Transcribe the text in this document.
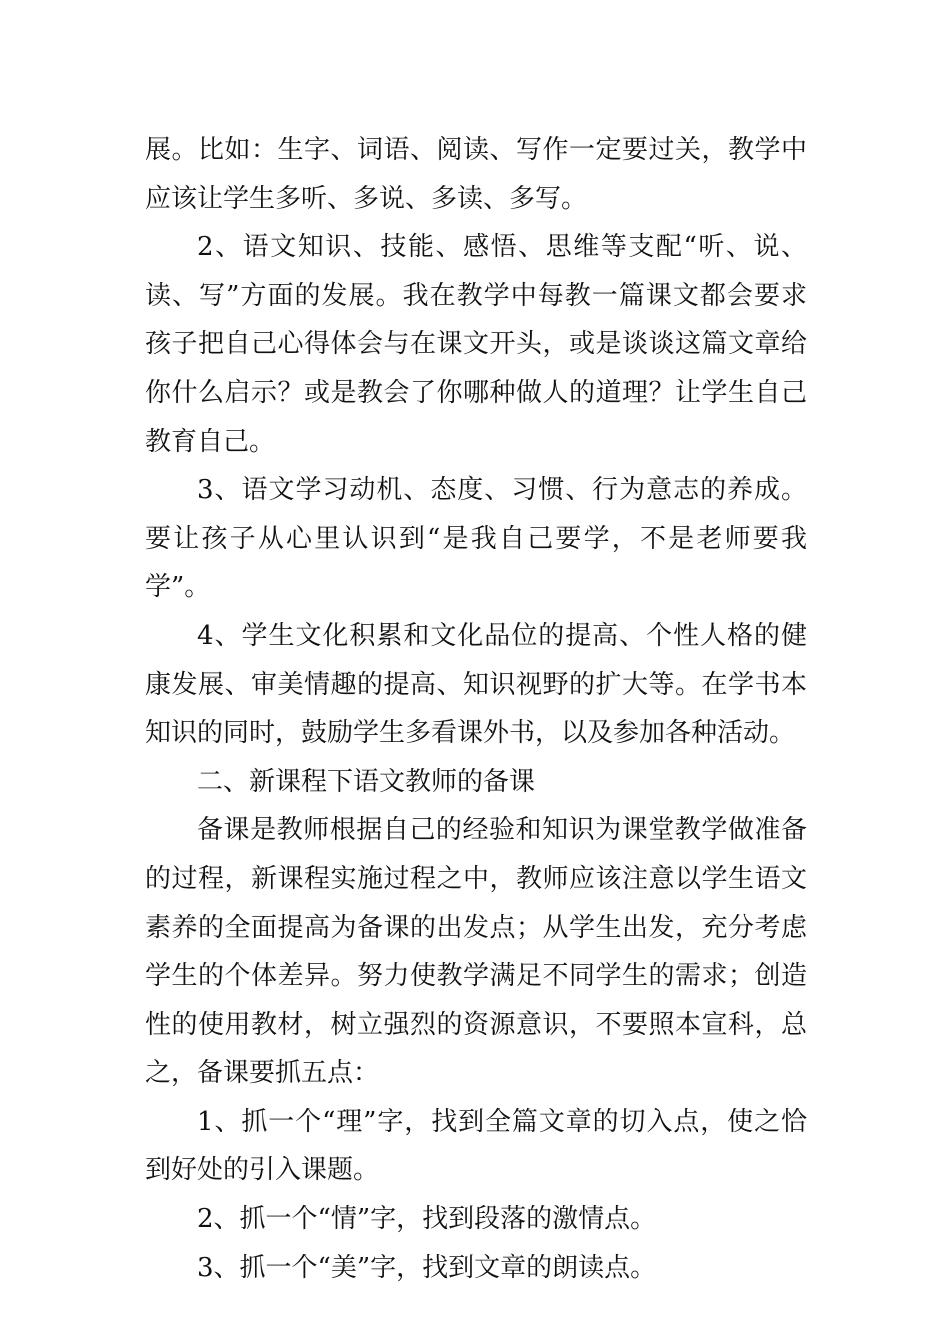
展。比如：生字、词语、阅读、写作一定要过关，教学中应该让学生多听、多说、多读、多写。

2、语文知识、技能、感悟、思维等支配“听、说、读、写”方面的发展。我在教学中每教一篇课文都会要求孩子把自己心得体会与在课文开头，或是谈谈这篇文章给你什么启示？或是教会了你哪种做人的道理？让学生自己教育自己。

3、语文学习动机、态度、习惯、行为意志的养成。要让孩子从心里认识到“是我自己要学，不是老师要我学”。

4、学生文化积累和文化品位的提高、个性人格的健康发展、审美情趣的提高、知识视野的扩大等。在学书本知识的同时，鼓励学生多看课外书，以及参加各种活动。

二、新课程下语文教师的备课

备课是教师根据自己的经验和知识为课堂教学做准备的过程，新课程实施过程之中，教师应该注意以学生语文素养的全面提高为备课的出发点；从学生出发，充分考虑学生的个体差异。努力使教学满足不同学生的需求；创造性的使用教材，树立强烈的资源意识，不要照本宣科，总之，备课要抓五点：

1、抓一个“理”字，找到全篇文章的切入点，使之恰到好处的引入课题。

2、抓一个“情”字，找到段落的激情点。

3、抓一个“美”字，找到文章的朗读点。
